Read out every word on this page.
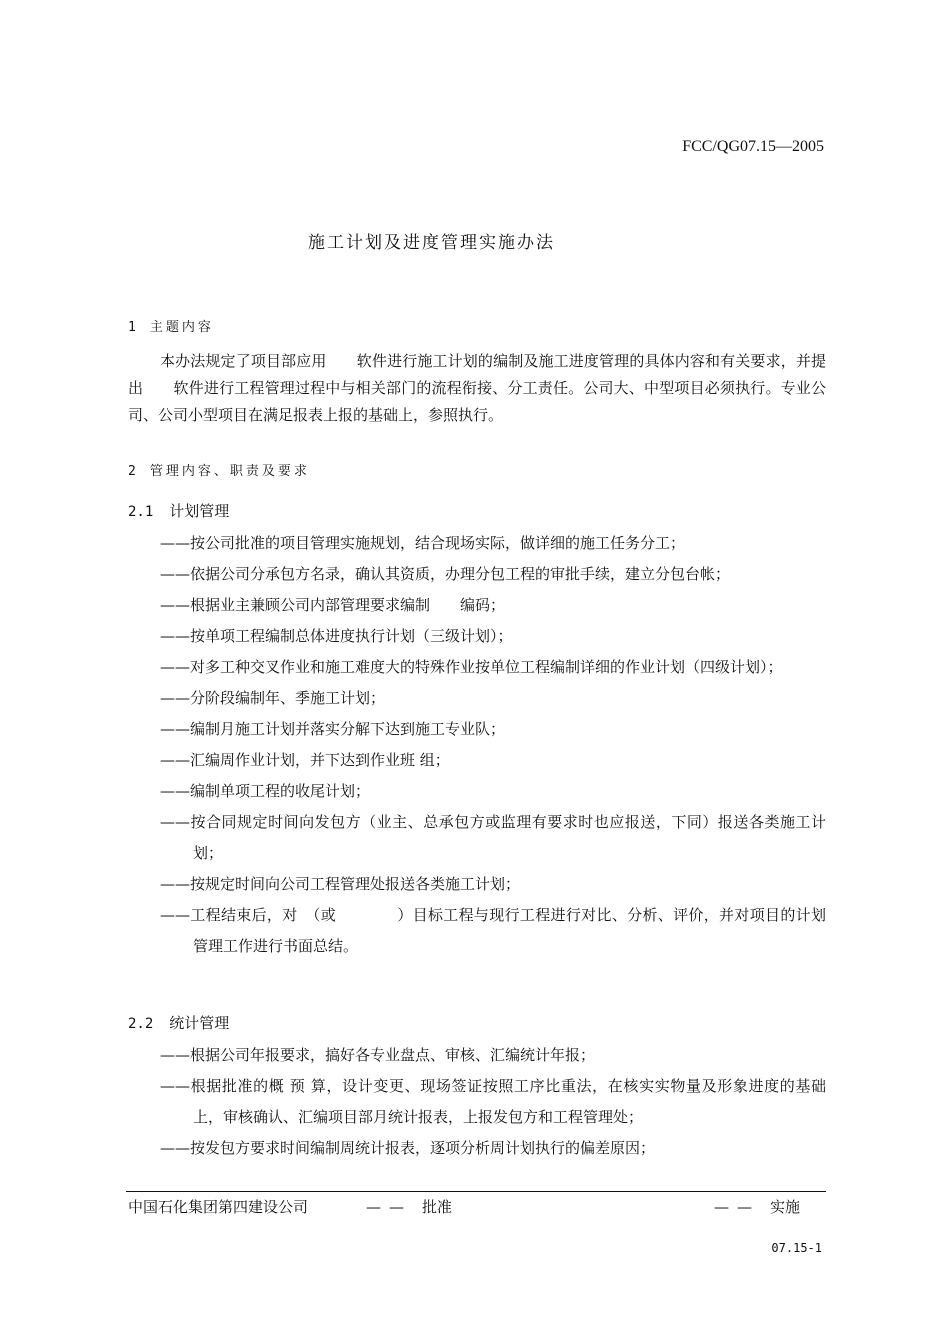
FCC/QG07.15—2005
施工计划及进度管理实施办法
1 主题内容
本办法规定了项目部应用　　软件进行施工计划的编制及施工进度管理的具体内容和有关要求，并提出　　软件进行工程管理过程中与相关部门的流程衔接、分工责任。公司大、中型项目必须执行。专业公司、公司小型项目在满足报表上报的基础上，参照执行。
2 管理内容、职责及要求
2.1 计划管理
——按公司批准的项目管理实施规划，结合现场实际，做详细的施工任务分工；
——依据公司分承包方名录，确认其资质，办理分包工程的审批手续，建立分包台帐；
——根据业主兼顾公司内部管理要求编制　　编码；
——按单项工程编制总体进度执行计划（三级计划）；
——对多工种交叉作业和施工难度大的特殊作业按单位工程编制详细的作业计划（四级计划）；
——分阶段编制年、季施工计划；
——编制月施工计划并落实分解下达到施工专业队；
——汇编周作业计划，并下达到作业班 组；
——编制单项工程的收尾计划；
——按合同规定时间向发包方（业主、总承包方或监理有要求时也应报送，下同）报送各类施工计划；
——按规定时间向公司工程管理处报送各类施工计划；
——工程结束后，对　（或　　　　）目标工程与现行工程进行对比、分析、评价，并对项目的计划管理工作进行书面总结。
2.2 统计管理
——根据公司年报要求，搞好各专业盘点、审核、汇编统计年报；
——根据批准的概 预 算，设计变更、现场签证按照工序比重法，在核实实物量及形象进度的基础上，审核确认、汇编项目部月统计报表，上报发包方和工程管理处；
——按发包方要求时间编制周统计报表，逐项分析周计划执行的偏差原因；
中国石化集团第四建设公司	—— 批准	—— 实施
07.15-1
